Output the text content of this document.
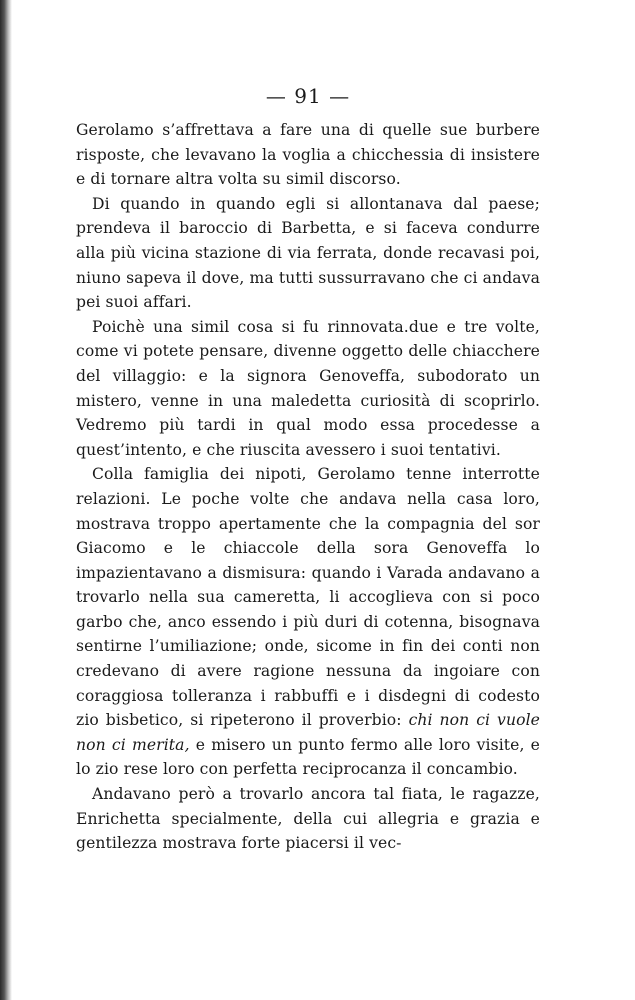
— 91 —

Gerolamo s’affrettava a fare una di quelle sue burbere risposte, che levavano la voglia a chicchessia di insistere e di tornare altra volta su simil discorso.

Di quando in quando egli si allontanava dal paese; prendeva il baroccio di Barbetta, e si faceva condurre alla più vicina stazione di via ferrata, donde recavasi poi, niuno sapeva il dove, ma tutti sussurravano che ci andava pei suoi affari.

Poichè una simil cosa si fu rinnovata.due e tre volte, come vi potete pensare, divenne oggetto delle chiacchere del villaggio: e la signora Genoveffa, subodorato un mistero, venne in una maledetta curiosità di scoprirlo. Vedremo più tardi in qual modo essa procedesse a quest’intento, e che riuscita avessero i suoi tentativi.

Colla famiglia dei nipoti, Gerolamo tenne interrotte relazioni. Le poche volte che andava nella casa loro, mostrava troppo apertamente che la compagnia del sor Giacomo e le chiaccole della sora Genoveffa lo impazientavano a dismisura: quando i Varada andavano a trovarlo nella sua cameretta, li accoglieva con si poco garbo che, anco essendo i più duri di cotenna, bisognava sentirne l’umiliazione; onde, sicome in fin dei conti non credevano di avere ragione nessuna da ingoiare con coraggiosa tolleranza i rabbuffi e i disdegni di codesto zio bisbetico, si ripeterono il proverbio: chi non ci vuole non ci merita, e misero un punto fermo alle loro visite, e lo zio rese loro con perfetta reciprocanza il concambio.

Andavano però a trovarlo ancora tal fiata, le ragazze, Enrichetta specialmente, della cui allegria e grazia e gentilezza mostrava forte piacersi il vec-
